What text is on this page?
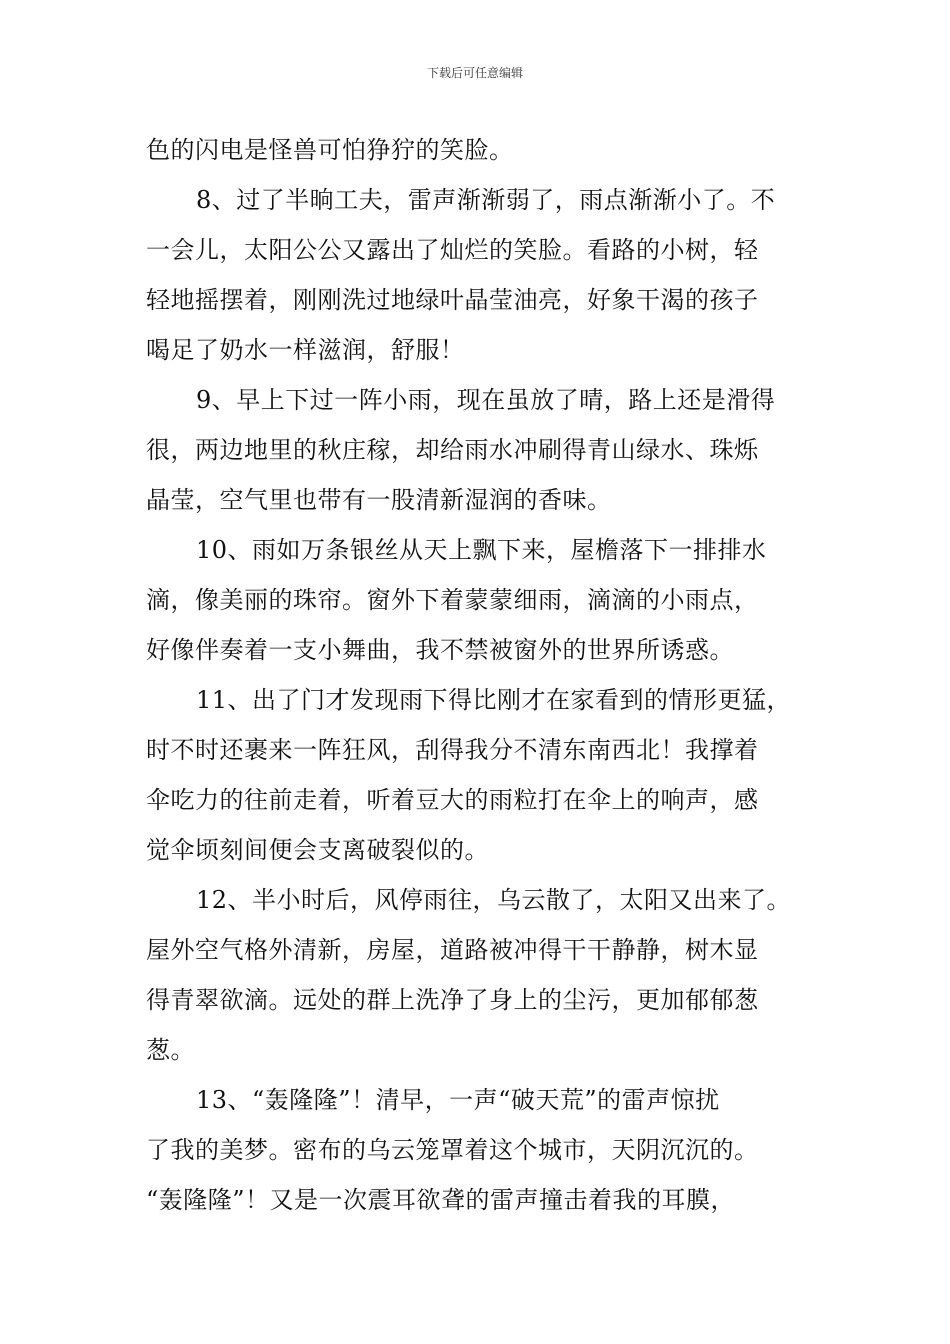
下载后可任意编辑
色的闪电是怪兽可怕狰狞的笑脸。
8、过了半晌工夫，雷声渐渐弱了，雨点渐渐小了。不
一会儿，太阳公公又露出了灿烂的笑脸。看路的小树，轻
轻地摇摆着，刚刚洗过地绿叶晶莹油亮，好象干渴的孩子
喝足了奶水一样滋润，舒服！
9、早上下过一阵小雨，现在虽放了晴，路上还是滑得
很，两边地里的秋庄稼，却给雨水冲刷得青山绿水、珠烁
晶莹，空气里也带有一股清新湿润的香味。
10、雨如万条银丝从天上飘下来，屋檐落下一排排水
滴，像美丽的珠帘。窗外下着蒙蒙细雨，滴滴的小雨点，
好像伴奏着一支小舞曲，我不禁被窗外的世界所诱惑。
11、出了门才发现雨下得比刚才在家看到的情形更猛，
时不时还裹来一阵狂风，刮得我分不清东南西北！我撑着
伞吃力的往前走着，听着豆大的雨粒打在伞上的响声，感
觉伞顷刻间便会支离破裂似的。
12、半小时后，风停雨往，乌云散了，太阳又出来了。
屋外空气格外清新，房屋，道路被冲得干干静静，树木显
得青翠欲滴。远处的群上洗净了身上的尘污，更加郁郁葱
葱。
13、“轰隆隆”！清早，一声“破天荒”的雷声惊扰
了我的美梦。密布的乌云笼罩着这个城市，天阴沉沉的。
“轰隆隆”！又是一次震耳欲聋的雷声撞击着我的耳膜，
